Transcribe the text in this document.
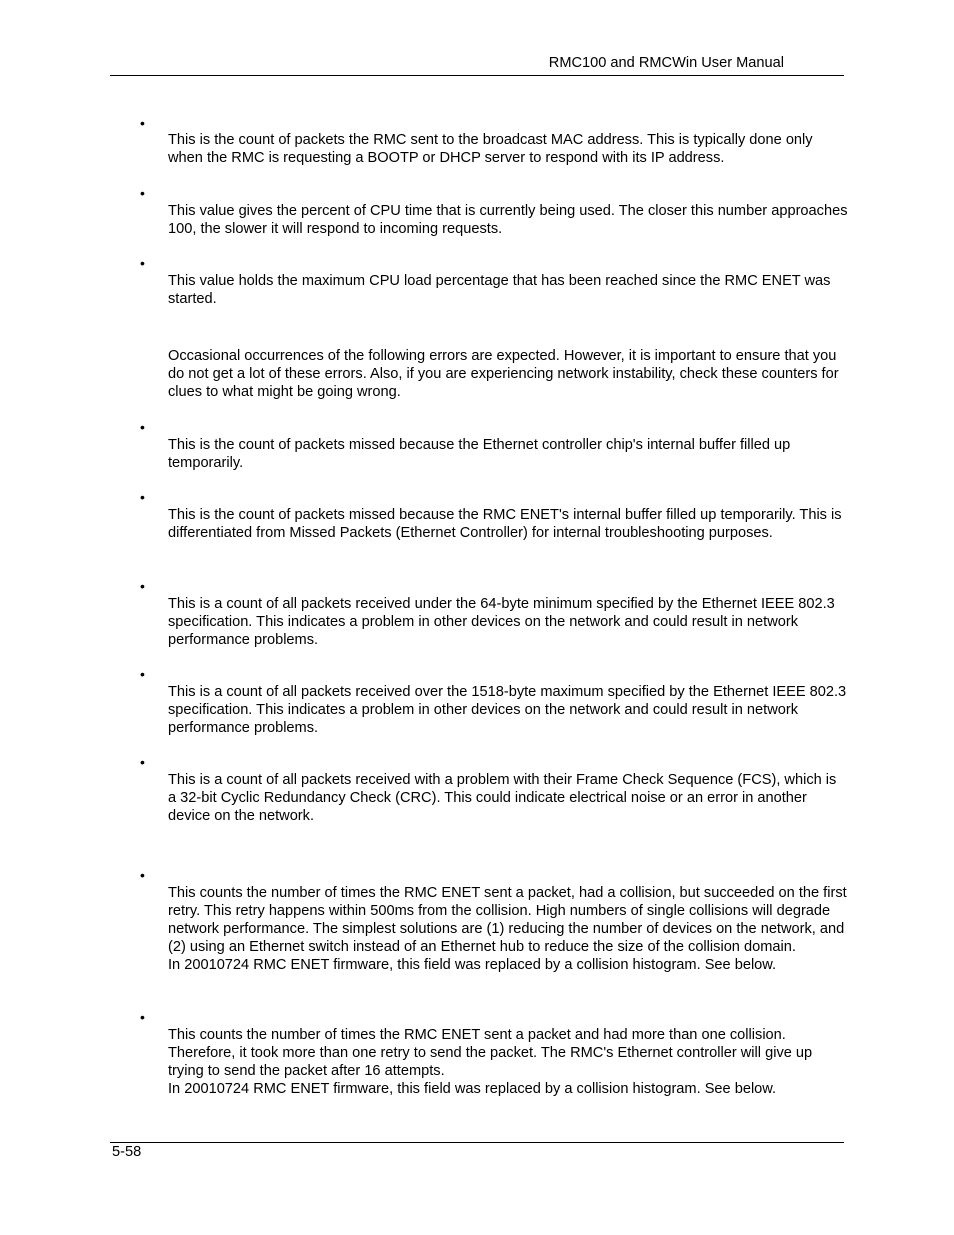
RMC100 and RMCWin User Manual
•

This is the count of packets the RMC sent to the broadcast MAC address. This is typically done only when the RMC is requesting a BOOTP or DHCP server to respond with its IP address.

•

This value gives the percent of CPU time that is currently being used. The closer this number approaches 100, the slower it will respond to incoming requests.

•

This value holds the maximum CPU load percentage that has been reached since the RMC ENET was started.

Occasional occurrences of the following errors are expected. However, it is important to ensure that you do not get a lot of these errors. Also, if you are experiencing network instability, check these counters for clues to what might be going wrong.

•

This is the count of packets missed because the Ethernet controller chip's internal buffer filled up temporarily.

•

This is the count of packets missed because the RMC ENET's internal buffer filled up temporarily. This is differentiated from Missed Packets (Ethernet Controller) for internal troubleshooting purposes.

•

This is a count of all packets received under the 64-byte minimum specified by the Ethernet IEEE 802.3 specification. This indicates a problem in other devices on the network and could result in network performance problems.

•

This is a count of all packets received over the 1518-byte maximum specified by the Ethernet IEEE 802.3 specification. This indicates a problem in other devices on the network and could result in network performance problems.

•

This is a count of all packets received with a problem with their Frame Check Sequence (FCS), which is a 32-bit Cyclic Redundancy Check (CRC). This could indicate electrical noise or an error in another device on the network.

•

This counts the number of times the RMC ENET sent a packet, had a collision, but succeeded on the first retry. This retry happens within 500ms from the collision. High numbers of single collisions will degrade network performance. The simplest solutions are (1) reducing the number of devices on the network, and (2) using an Ethernet switch instead of an Ethernet hub to reduce the size of the collision domain.

In 20010724 RMC ENET firmware, this field was replaced by a collision histogram. See below.

•

This counts the number of times the RMC ENET sent a packet and had more than one collision. Therefore, it took more than one retry to send the packet. The RMC's Ethernet controller will give up trying to send the packet after 16 attempts.

In 20010724 RMC ENET firmware, this field was replaced by a collision histogram. See below.

5-58
